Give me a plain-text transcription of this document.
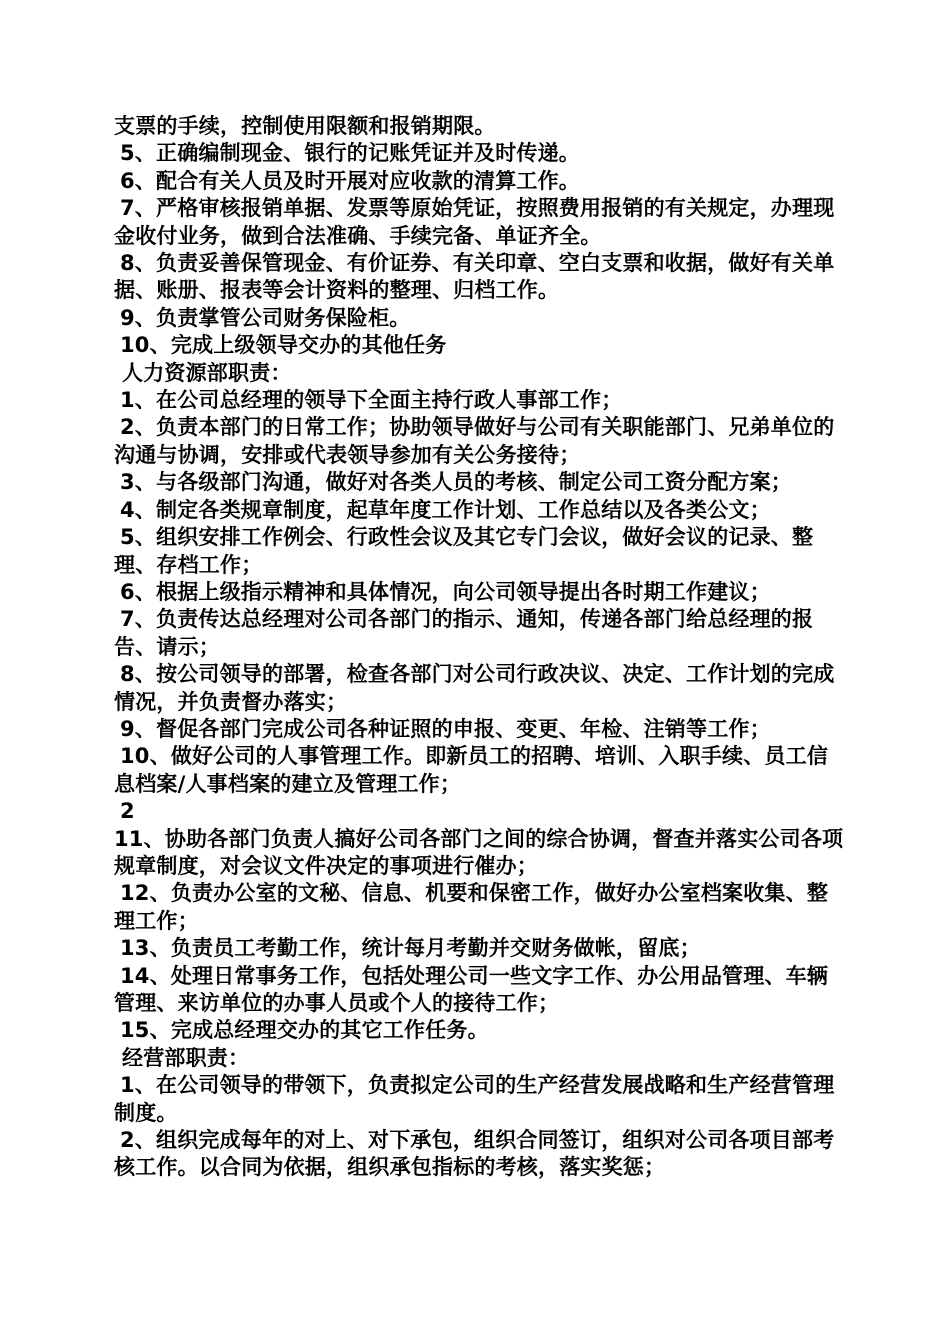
支票的手续，控制使用限额和报销期限。

5、正确编制现金、银行的记账凭证并及时传递。

6、配合有关人员及时开展对应收款的清算工作。

7、严格审核报销单据、发票等原始凭证，按照费用报销的有关规定，办理现金收付业务，做到合法准确、手续完备、单证齐全。

8、负责妥善保管现金、有价证券、有关印章、空白支票和收据，做好有关单据、账册、报表等会计资料的整理、归档工作。

9、负责掌管公司财务保险柜。

10、完成上级领导交办的其他任务

人力资源部职责：

1、在公司总经理的领导下全面主持行政人事部工作；

2、负责本部门的日常工作；协助领导做好与公司有关职能部门、兄弟单位的沟通与协调，安排或代表领导参加有关公务接待；

3、与各级部门沟通，做好对各类人员的考核、制定公司工资分配方案；

4、制定各类规章制度，起草年度工作计划、工作总结以及各类公文；

5、组织安排工作例会、行政性会议及其它专门会议，做好会议的记录、整理、存档工作；

6、根据上级指示精神和具体情况，向公司领导提出各时期工作建议；

7、负责传达总经理对公司各部门的指示、通知，传递各部门给总经理的报告、请示；

8、按公司领导的部署，检查各部门对公司行政决议、决定、工作计划的完成情况，并负责督办落实；

9、督促各部门完成公司各种证照的申报、变更、年检、注销等工作；

10、做好公司的人事管理工作。即新员工的招聘、培训、入职手续、员工信息档案/人事档案的建立及管理工作；

2

11、协助各部门负责人搞好公司各部门之间的综合协调，督查并落实公司各项规章制度，对会议文件决定的事项进行催办；

12、负责办公室的文秘、信息、机要和保密工作，做好办公室档案收集、整理工作；

13、负责员工考勤工作，统计每月考勤并交财务做帐，留底；

14、处理日常事务工作，包括处理公司一些文字工作、办公用品管理、车辆管理、来访单位的办事人员或个人的接待工作；

15、完成总经理交办的其它工作任务。

经营部职责：

1、在公司领导的带领下，负责拟定公司的生产经营发展战略和生产经营管理制度。

2、组织完成每年的对上、对下承包，组织合同签订，组织对公司各项目部考核工作。以合同为依据，组织承包指标的考核，落实奖惩；
